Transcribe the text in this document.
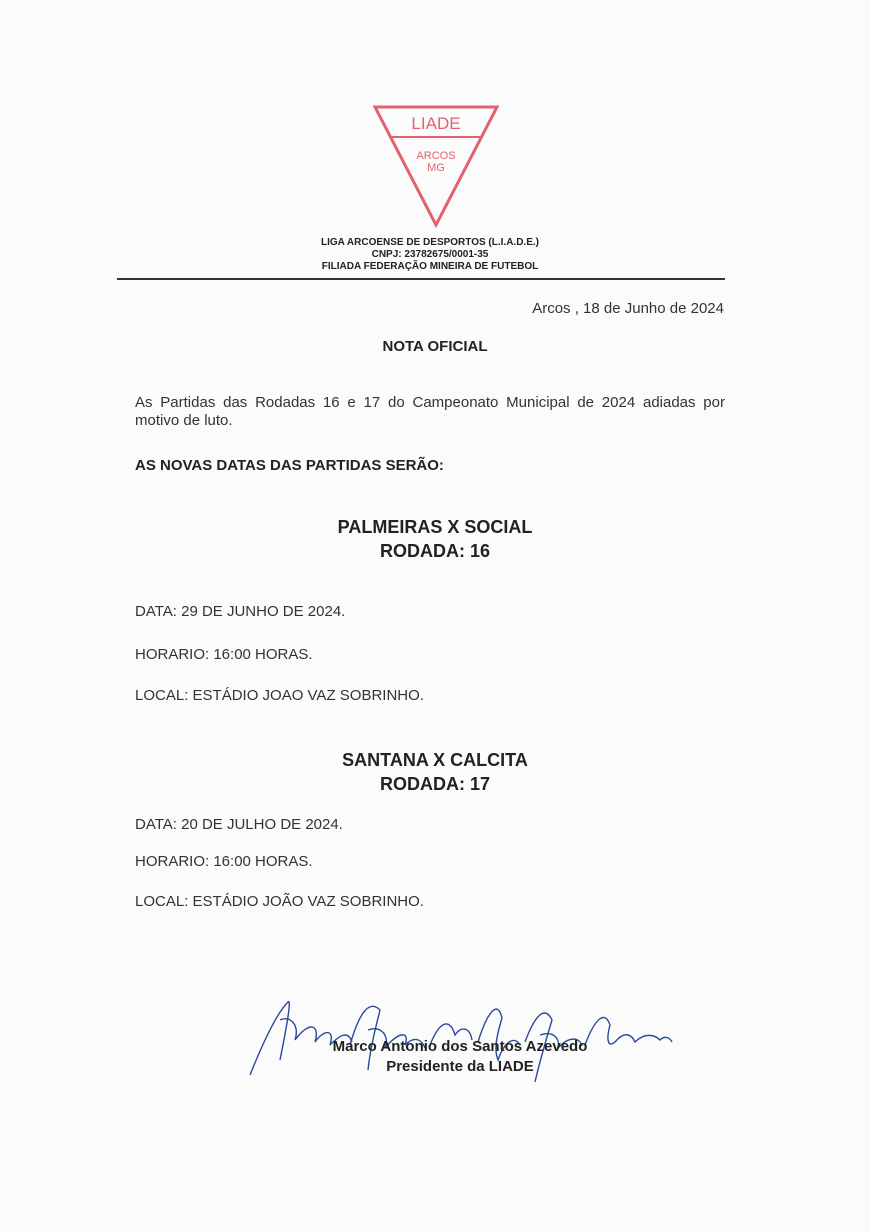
LIADE
ARCOS
MG
LIGA ARCOENSE DE DESPORTOS (L.I.A.D.E.)
CNPJ: 23782675/0001-35
FILIADA FEDERAÇÃO MINEIRA DE FUTEBOL
Arcos , 18 de Junho de 2024
NOTA OFICIAL
As Partidas das Rodadas 16 e 17 do Campeonato Municipal de 2024 adiadas por motivo de luto.
AS NOVAS DATAS DAS PARTIDAS SERÃO:
PALMEIRAS X SOCIAL
RODADA: 16
DATA: 29 DE JUNHO DE 2024.
HORARIO: 16:00 HORAS.
LOCAL: ESTÁDIO JOAO VAZ SOBRINHO.
SANTANA X CALCITA
RODADA: 17
DATA: 20 DE JULHO DE 2024.
HORARIO: 16:00 HORAS.
LOCAL: ESTÁDIO JOÃO VAZ SOBRINHO.
Marco Antonio dos Santos Azevedo
Presidente da LIADE
